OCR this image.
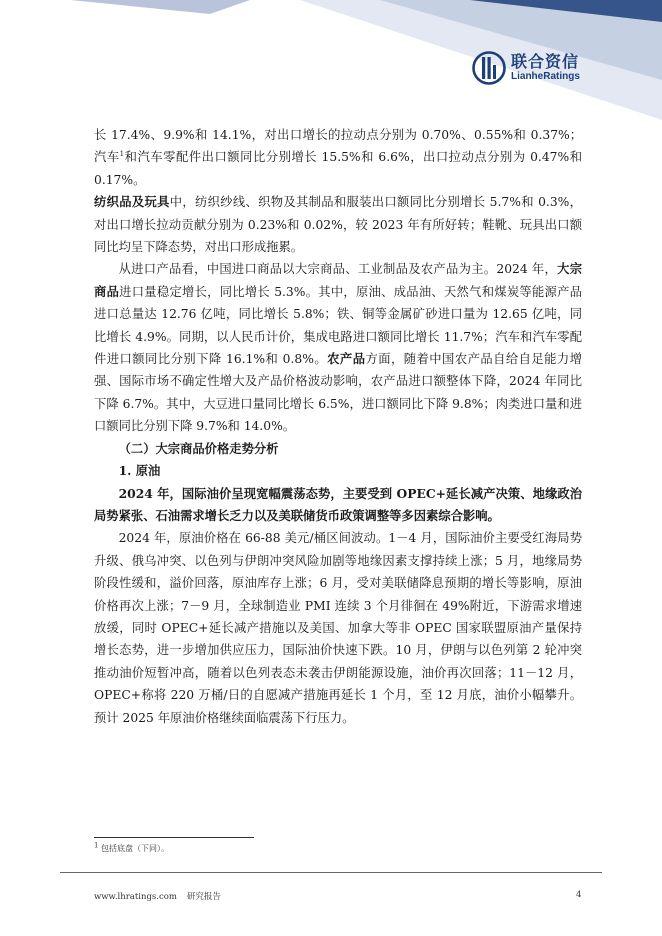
联合资信
LianheRatings

长 17.4%、9.9%和 14.1%，对出口增长的拉动点分别为 0.70%、0.55%和 0.37%；汽车$^1$和汽车零配件出口额同比分别增长 15.5%和 6.6%，出口拉动点分别为 0.47%和 0.17%。

纺织品及玩具中，纺织纱线、织物及其制品和服装出口额同比分别增长 5.7%和 0.3%，对出口增长拉动贡献分别为 0.23%和 0.02%，较 2023 年有所好转；鞋靴、玩具出口额同比均呈下降态势，对出口形成拖累。

从进口产品看，中国进口商品以大宗商品、工业制品及农产品为主。2024 年，大宗商品进口量稳定增长，同比增长 5.3%。其中，原油、成品油、天然气和煤炭等能源产品进口总量达 12.76 亿吨，同比增长 5.8%；铁、铜等金属矿砂进口量为 12.65 亿吨，同比增长 4.9%。同期，以人民币计价，集成电路进口额同比增长 11.7%；汽车和汽车零配件进口额同比分别下降 16.1%和 0.8%。农产品方面，随着中国农产品自给自足能力增强、国际市场不确定性增大及产品价格波动影响，农产品进口额整体下降，2024 年同比下降 6.7%。其中，大豆进口量同比增长 6.5%，进口额同比下降 9.8%；肉类进口量和进口额同比分别下降 9.7%和 14.0%。

（二）大宗商品价格走势分析

1. 原油

2024 年，国际油价呈现宽幅震荡态势，主要受到 OPEC+延长减产决策、地缘政治局势紧张、石油需求增长乏力以及美联储货币政策调整等多因素综合影响。

2024 年，原油价格在 66-88 美元/桶区间波动。1－4 月，国际油价主要受红海局势升级、俄乌冲突、以色列与伊朗冲突风险加剧等地缘因素支撑持续上涨；5 月，地缘局势阶段性缓和，溢价回落，原油库存上涨；6 月，受对美联储降息预期的增长等影响，原油价格再次上涨；7－9 月，全球制造业 PMI 连续 3 个月徘徊在 49%附近，下游需求增速放缓，同时 OPEC+延长减产措施以及美国、加拿大等非 OPEC 国家联盟原油产量保持增长态势，进一步增加供应压力，国际油价快速下跌。10 月，伊朗与以色列第 2 轮冲突推动油价短暂冲高，随着以色列表态未袭击伊朗能源设施，油价再次回落；11－12 月，OPEC+称将 220 万桶/日的自愿减产措施再延长 1 个月，至 12 月底，油价小幅攀升。预计 2025 年原油价格继续面临震荡下行压力。

1 包括底盘（下同）。
www.lhratings.com 研究报告	4
